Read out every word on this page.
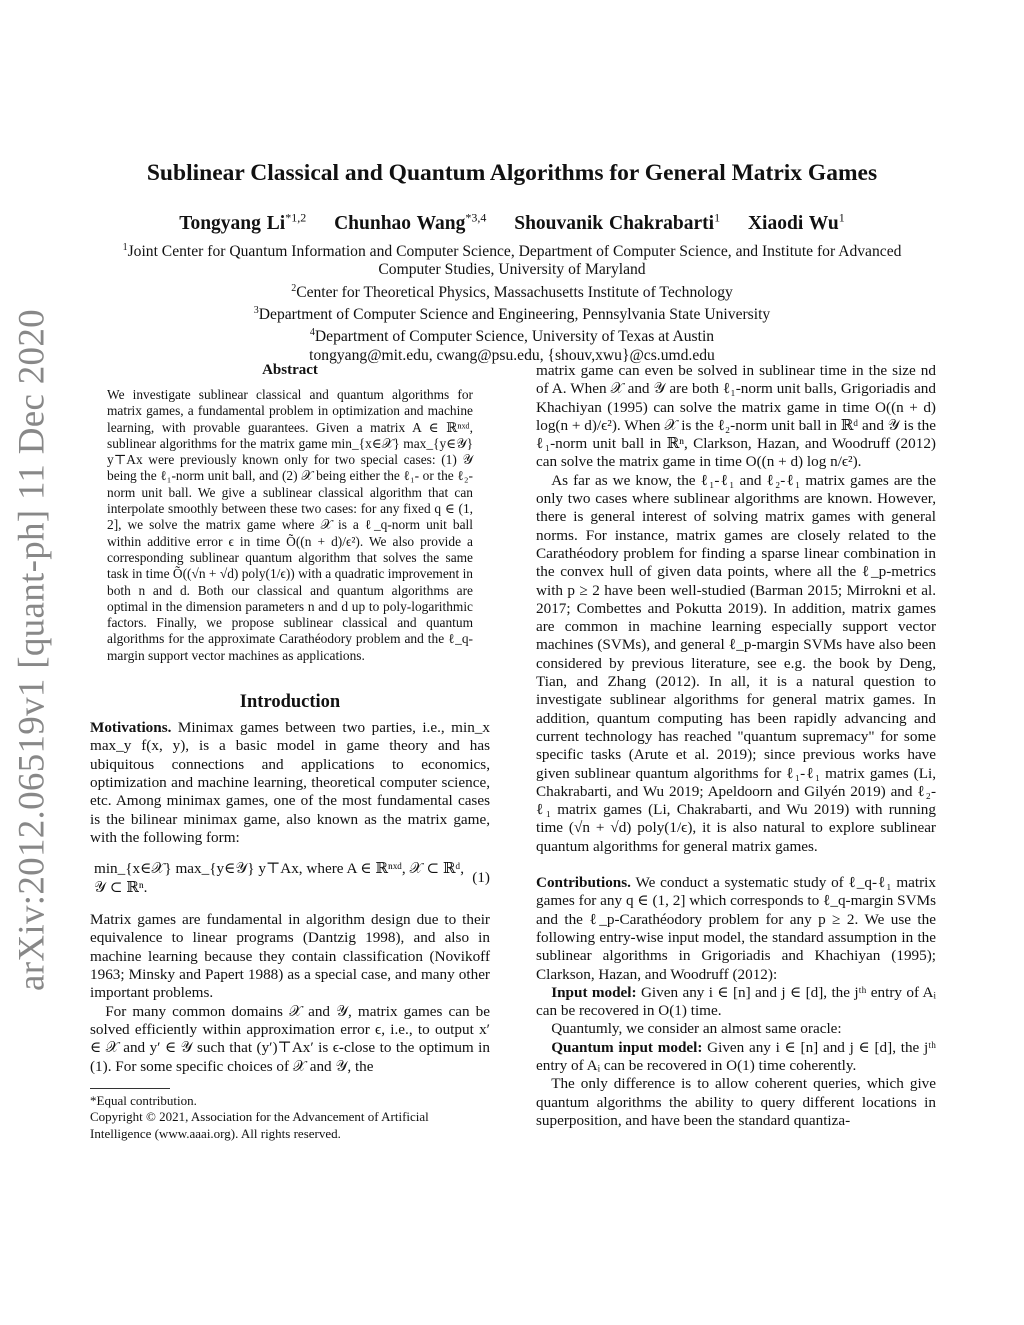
arXiv:2012.06519v1 [quant-ph] 11 Dec 2020
Sublinear Classical and Quantum Algorithms for General Matrix Games
Tongyang Li$^{*1,2}$ Chunhao Wang$^{*3,4}$ Shouvanik Chakrabarti$^1$ Xiaodi Wu$^1$
$^1$Joint Center for Quantum Information and Computer Science, Department of Computer Science, and Institute for Advanced Computer Studies, University of Maryland
$^2$Center for Theoretical Physics, Massachusetts Institute of Technology
$^3$Department of Computer Science and Engineering, Pennsylvania State University
$^4$Department of Computer Science, University of Texas at Austin
tongyang@mit.edu, cwang@psu.edu, {shouv,xwu}@cs.umd.edu
Abstract
We investigate sublinear classical and quantum algorithms for matrix games, a fundamental problem in optimization and machine learning, with provable guarantees. Given a matrix A ∈ ℝⁿˣᵈ, sublinear algorithms for the matrix game min_{x∈𝒳} max_{y∈𝒴} y⊤Ax were previously known only for two special cases: (1) 𝒴 being the ℓ₁-norm unit ball, and (2) 𝒳 being either the ℓ₁- or the ℓ₂-norm unit ball. We give a sublinear classical algorithm that can interpolate smoothly between these two cases: for any fixed q ∈ (1, 2], we solve the matrix game where 𝒳 is a ℓ_q-norm unit ball within additive error ϵ in time Õ((n + d)/ϵ²). We also provide a corresponding sublinear quantum algorithm that solves the same task in time Õ((√n + √d) poly(1/ϵ)) with a quadratic improvement in both n and d. Both our classical and quantum algorithms are optimal in the dimension parameters n and d up to poly-logarithmic factors. Finally, we propose sublinear classical and quantum algorithms for the approximate Carathéodory problem and the ℓ_q-margin support vector machines as applications.
Introduction

Motivations. Minimax games between two parties, i.e., min_x max_y f(x, y), is a basic model in game theory and has ubiquitous connections and applications to economics, optimization and machine learning, theoretical computer science, etc. Among minimax games, one of the most fundamental cases is the bilinear minimax game, also known as the matrix game, with the following form:

min_{x∈𝒳} max_{y∈𝒴} y⊤Ax, where A ∈ ℝⁿˣᵈ, 𝒳 ⊂ ℝᵈ, 𝒴 ⊂ ℝⁿ.
(1)

Matrix games are fundamental in algorithm design due to their equivalence to linear programs (Dantzig 1998), and also in machine learning because they contain classification (Novikoff 1963; Minsky and Papert 1988) as a special case, and many other important problems.

For many common domains 𝒳 and 𝒴, matrix games can be solved efficiently within approximation error ϵ, i.e., to output x′ ∈ 𝒳 and y′ ∈ 𝒴 such that (y′)⊤Ax′ is ϵ-close to the optimum in (1). For some specific choices of 𝒳 and 𝒴, the

*Equal contribution.
Copyright © 2021, Association for the Advancement of Artificial Intelligence (www.aaai.org). All rights reserved.

matrix game can even be solved in sublinear time in the size nd of A. When 𝒳 and 𝒴 are both ℓ₁-norm unit balls, Grigoriadis and Khachiyan (1995) can solve the matrix game in time O((n + d) log(n + d)/ϵ²). When 𝒳 is the ℓ₂-norm unit ball in ℝᵈ and 𝒴 is the ℓ₁-norm unit ball in ℝⁿ, Clarkson, Hazan, and Woodruff (2012) can solve the matrix game in time O((n + d) log n/ϵ²).

As far as we know, the ℓ₁-ℓ₁ and ℓ₂-ℓ₁ matrix games are the only two cases where sublinear algorithms are known. However, there is general interest of solving matrix games with general norms. For instance, matrix games are closely related to the Carathéodory problem for finding a sparse linear combination in the convex hull of given data points, where all the ℓ_p-metrics with p ≥ 2 have been well-studied (Barman 2015; Mirrokni et al. 2017; Combettes and Pokutta 2019). In addition, matrix games are common in machine learning especially support vector machines (SVMs), and general ℓ_p-margin SVMs have also been considered by previous literature, see e.g. the book by Deng, Tian, and Zhang (2012). In all, it is a natural question to investigate sublinear algorithms for general matrix games. In addition, quantum computing has been rapidly advancing and current technology has reached "quantum supremacy" for some specific tasks (Arute et al. 2019); since previous works have given sublinear quantum algorithms for ℓ₁-ℓ₁ matrix games (Li, Chakrabarti, and Wu 2019; Apeldoorn and Gilyén 2019) and ℓ₂-ℓ₁ matrix games (Li, Chakrabarti, and Wu 2019) with running time (√n + √d) poly(1/ϵ), it is also natural to explore sublinear quantum algorithms for general matrix games.

Contributions. We conduct a systematic study of ℓ_q-ℓ₁ matrix games for any q ∈ (1, 2] which corresponds to ℓ_q-margin SVMs and the ℓ_p-Carathéodory problem for any p ≥ 2. We use the following entry-wise input model, the standard assumption in the sublinear algorithms in Grigoriadis and Khachiyan (1995); Clarkson, Hazan, and Woodruff (2012):

Input model: Given any i ∈ [n] and j ∈ [d], the jᵗʰ entry of Aᵢ can be recovered in O(1) time.

Quantumly, we consider an almost same oracle:

Quantum input model: Given any i ∈ [n] and j ∈ [d], the jᵗʰ entry of Aᵢ can be recovered in O(1) time coherently.

The only difference is to allow coherent queries, which give quantum algorithms the ability to query different locations in superposition, and have been the standard quantiza-
